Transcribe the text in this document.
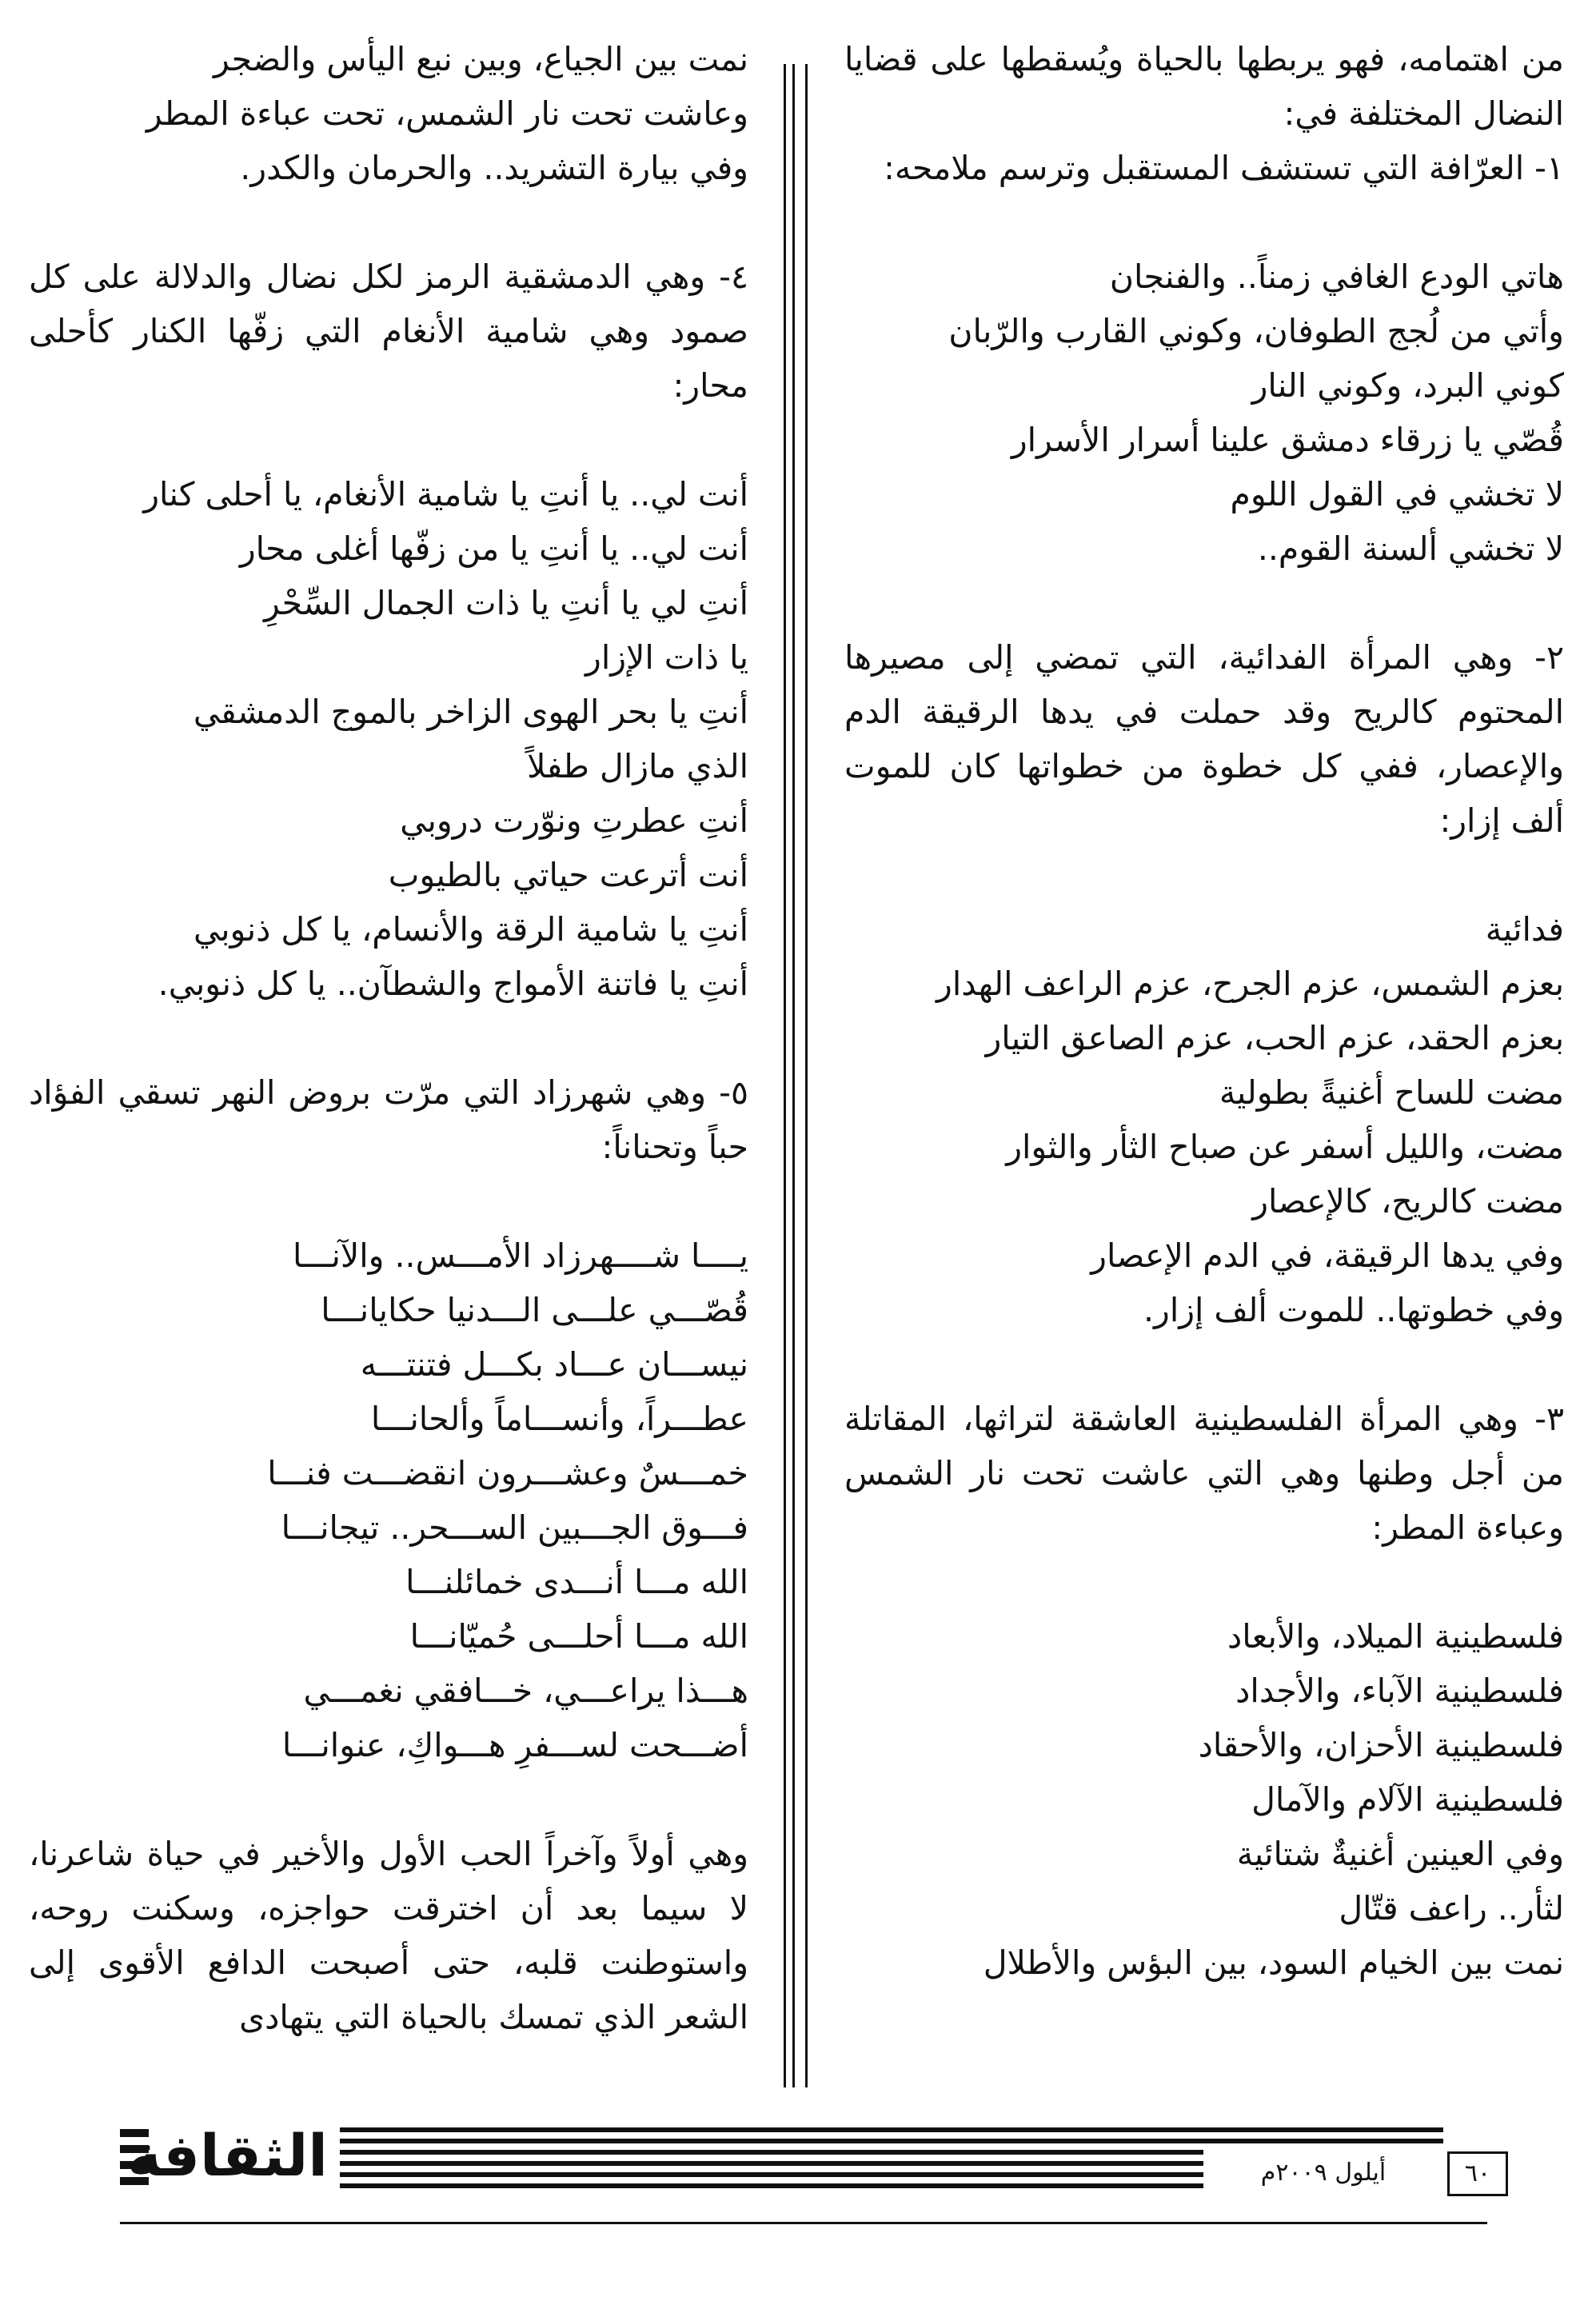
نمت بين الجياع، وبين نبع اليأس والضجر

وعاشت تحت نار الشمس، تحت عباءة المطر

وفي بيارة التشريد.. والحرمان والكدر.

٤- وهي الدمشقية الرمز لكل نضال والدلالة على كل صمود وهي شامية الأنغام التي زفّها الكنار كأحلى محار:

أنت لي.. يا أنتِ يا شامية الأنغام، يا أحلى كنار

أنت لي.. يا أنتِ يا من زفّها أغلى محار

أنتِ لي يا أنتِ يا ذات الجمال السِّحْرِ

يا ذات الإزار

أنتِ يا بحر الهوى الزاخر بالموج الدمشقي

الذي مازال طفلاً

أنتِ عطرتِ ونوّرت دروبي

أنت أترعت حياتي بالطيوب

أنتِ يا شامية الرقة والأنسام، يا كل ذنوبي

أنتِ يا فاتنة الأمواج والشطآن.. يا كل ذنوبي.

٥- وهي شهرزاد التي مرّت بروض النهر تسقي الفؤاد حباً وتحناناً:

يــــا شــــهرزاد الأمـــس.. والآنـــا

قُصّـــي علـــى الـــدنيا حكايانـــا

نيســـان عـــاد بكـــل فتنتـــه

عطـــراً، وأنســـاماً وألحانـــا

خمـــسٌ وعشـــرون انقضـــت فنـــا

فـــوق الجـــبين الســـحر.. تيجانـــا

الله مـــا أنـــدى خمائلنـــا

الله مـــا أحلـــى حُميّانـــا

هـــذا يراعـــي، خـــافقي نغمـــي

أضـــحت لســـفرِ هـــواكِ، عنوانـــا

وهي أولاً وآخراً الحب الأول والأخير في حياة شاعرنا، لا سيما بعد أن اخترقت حواجزه، وسكنت روحه، واستوطنت قلبه، حتى أصبحت الدافع الأقوى إلى الشعر الذي تمسك بالحياة التي يتهادى

من اهتمامه، فهو يربطها بالحياة ويُسقطها على قضايا النضال المختلفة في:

١- العرّافة التي تستشف المستقبل وترسم ملامحه:

هاتي الودع الغافي زمناً.. والفنجان

وأتي من لُجج الطوفان، وكوني القارب والرّبان

كوني البرد، وكوني النار

قُصّي يا زرقاء دمشق علينا أسرار الأسرار

لا تخشي في القول اللوم

لا تخشي ألسنة القوم..

٢- وهي المرأة الفدائية، التي تمضي إلى مصيرها المحتوم كالريح وقد حملت في يدها الرقيقة الدم والإعصار، ففي كل خطوة من خطواتها كان للموت ألف إزار:

فدائية

بعزم الشمس، عزم الجرح، عزم الراعف الهدار

بعزم الحقد، عزم الحب، عزم الصاعق التيار

مضت للساح أغنيةً بطولية

مضت، والليل أسفر عن صباح الثأر والثوار

مضت كالريح، كالإعصار

وفي يدها الرقيقة، في الدم الإعصار

وفي خطوتها.. للموت ألف إزار.

٣- وهي المرأة الفلسطينية العاشقة لتراثها، المقاتلة من أجل وطنها وهي التي عاشت تحت نار الشمس وعباءة المطر:

فلسطينية الميلاد، والأبعاد

فلسطينية الآباء، والأجداد

فلسطينية الأحزان، والأحقاد

فلسطينية الآلام والآمال

وفي العينين أغنيةٌ شتائية

لثأر.. راعف قتّال

نمت بين الخيام السود، بين البؤس والأطلال

الثقافة	أيلول ٢٠٠٩م	٦٠
